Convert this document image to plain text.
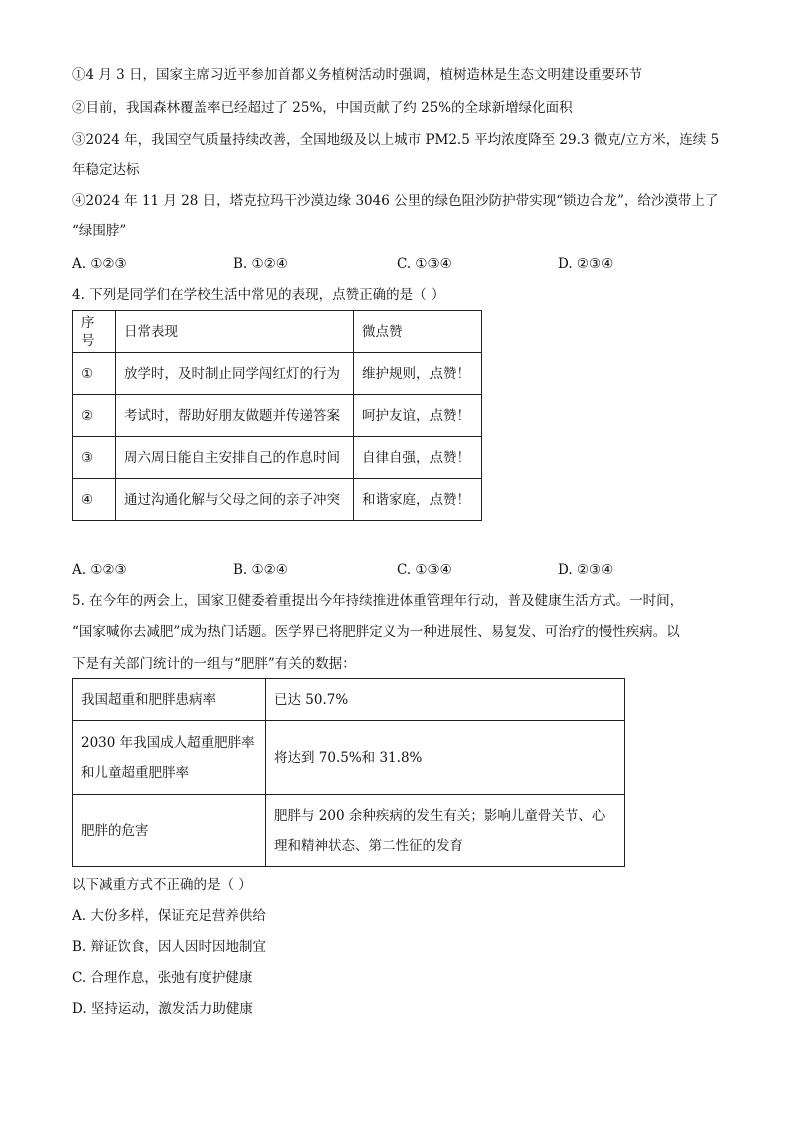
①4 月 3 日，国家主席习近平参加首都义务植树活动时强调，植树造林是生态文明建设重要环节
②目前，我国森林覆盖率已经超过了 25%，中国贡献了约 25%的全球新增绿化面积
③2024 年，我国空气质量持续改善，全国地级及以上城市 PM2.5 平均浓度降至 29.3 微克/立方米，连续 5
年稳定达标
④2024 年 11 月 28 日，塔克拉玛干沙漠边缘 3046 公里的绿色阻沙防护带实现“锁边合龙”，给沙漠带上了
“绿围脖”
A. ①②③	B. ①②④	C. ①③④	D. ②③④
4. 下列是同学们在学校生活中常见的表现，点赞正确的是（ ）
序号	日常表现	微点赞
①	放学时，及时制止同学闯红灯的行为	维护规则，点赞！
②	考试时，帮助好朋友做题并传递答案	呵护友谊，点赞！
③	周六周日能自主安排自己的作息时间	自律自强，点赞！
④	通过沟通化解与父母之间的亲子冲突	和谐家庭，点赞！
A. ①②③	B. ①②④	C. ①③④	D. ②③④
5. 在今年的两会上，国家卫健委着重提出今年持续推进体重管理年行动，普及健康生活方式。一时间，
“国家喊你去减肥”成为热门话题。医学界已将肥胖定义为一种进展性、易复发、可治疗的慢性疾病。以
下是有关部门统计的一组与“肥胖”有关的数据：
我国超重和肥胖患病率	已达 50.7%

2030 年我国成人超重肥胖率
和儿童超重肥胖率	将达到 70.5%和 31.8%
肥胖的危害	肥胖与 200 余种疾病的发生有关；影响儿童骨关节、心
理和精神状态、第二性征的发育
以下减重方式不正确的是（ ）
A. 大份多样，保证充足营养供给
B. 辩证饮食，因人因时因地制宜
C. 合理作息，张弛有度护健康
D. 坚持运动，激发活力助健康
